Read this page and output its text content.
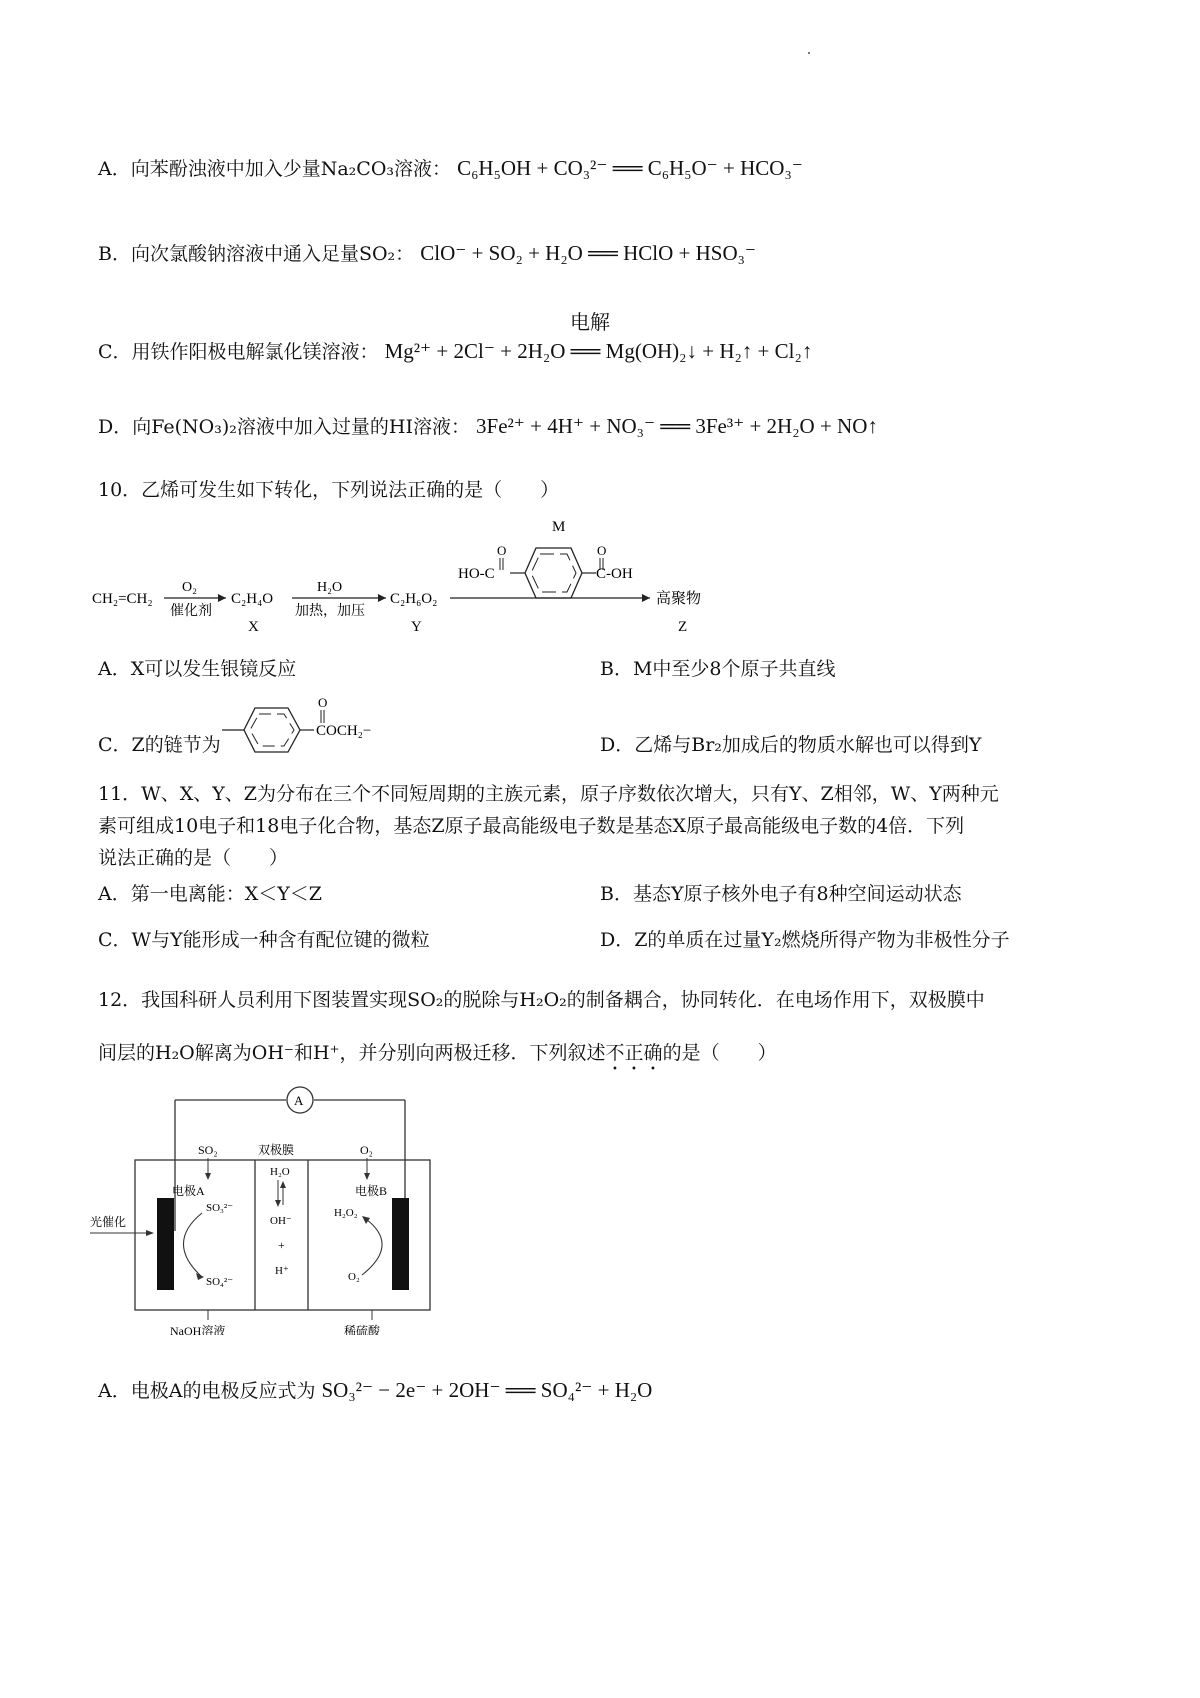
A．向苯酚浊液中加入少量Na₂CO₃溶液： C₆H₅OH + CO₃²⁻ ══ C₆H₅O⁻ + HCO₃⁻
B．向次氯酸钠溶液中通入足量SO₂： ClO⁻ + SO₂ + H₂O ══ HClO + HSO₃⁻
C．用铁作阳极电解氯化镁溶液： Mg²⁺ + 2Cl⁻ + 2H₂O ══ Mg(OH)₂↓ + H₂↑ + Cl₂↑
电解
D．向Fe(NO₃)₂溶液中加入过量的HI溶液： 3Fe²⁺ + 4H⁺ + NO₃⁻ ══ 3Fe³⁺ + 2H₂O + NO↑
10．乙烯可发生如下转化，下列说法正确的是（　　）
M
O	O
HO-C	C-OH
CH₂=CH₂
O₂
催化剂
C₂H₄O
X
H₂O
加热，加压
C₂H₆O₂
Y
高聚物
Z
A．X可以发生银镜反应	B．M中至少8个原子共直线
C．Z的链节为
O
COCH₂−
D．乙烯与Br₂加成后的物质水解也可以得到Y
11．W、X、Y、Z为分布在三个不同短周期的主族元素，原子序数依次增大，只有Y、Z相邻，W、Y两种元
素可组成10电子和18电子化合物，基态Z原子最高能级电子数是基态X原子最高能级电子数的4倍．下列
说法正确的是（　　）
A．第一电离能：X＜Y＜Z	B．基态Y原子核外电子有8种空间运动状态
C．W与Y能形成一种含有配位键的微粒	D．Z的单质在过量Y₂燃烧所得产物为非极性分子
12．我国科研人员利用下图装置实现SO₂的脱除与H₂O₂的制备耦合，协同转化．在电场作用下，双极膜中
间层的H₂O解离为OH⁻和H⁺，并分别向两极迁移．下列叙述不正确的是（　　）
A
SO₂	双极膜	O₂
电极A
SO₃²⁻
SO₄²⁻
H₂O
OH⁻
+
H⁺
电极B
H₂O₂
O₂
光催化
NaOH溶液	稀硫酸
A．电极A的电极反应式为 SO₃²⁻ − 2e⁻ + 2OH⁻ ══ SO₄²⁻ + H₂O
